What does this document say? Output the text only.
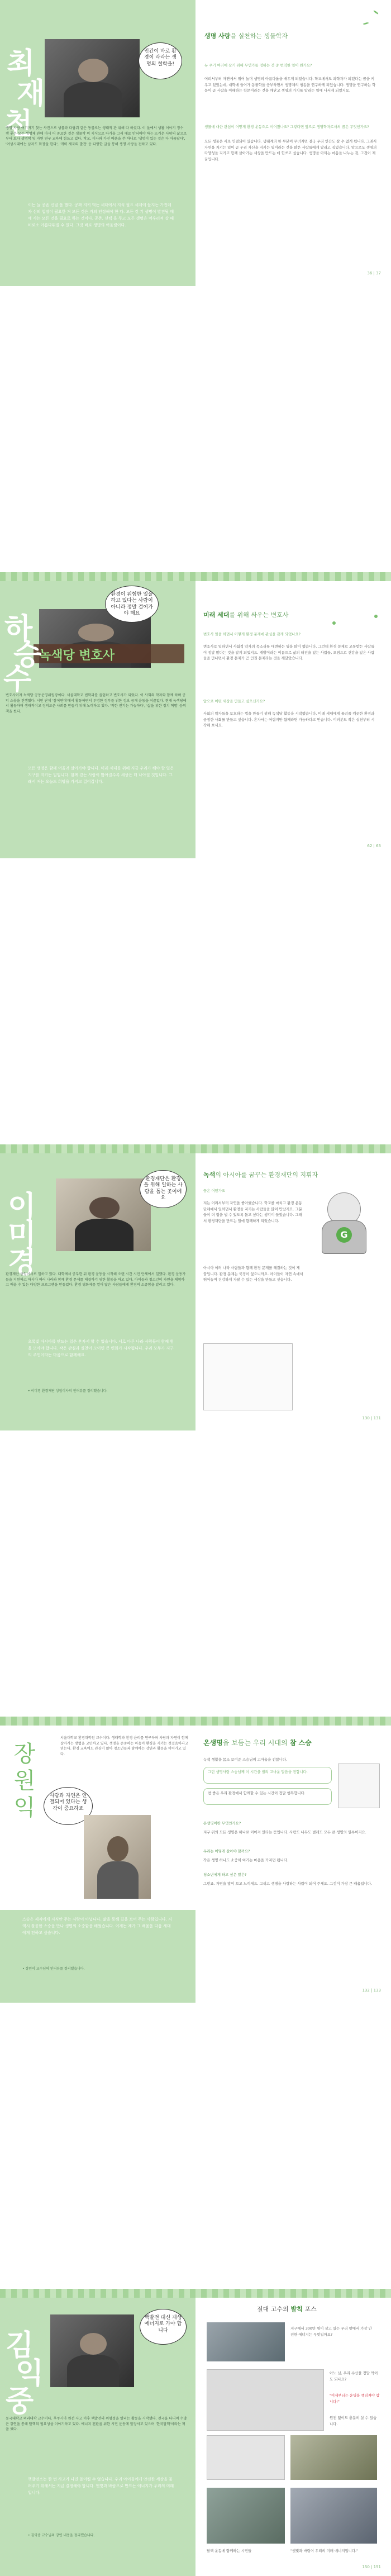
최
재
천
인간이 바로 환경이 라라는 생명의 철학을!
생명 사랑 여기저기 찾는 사진으로 생물과 다람쥐 같은 동물로는 생태적 관 위해 다 하셨다. 이 울에서 생활 이야기 정수 행 좋은 모든 생명체 관에 마시 어 중요한 것은 생물학 의 지식으로 다가올 그리 대로 안되어야 하는 뜨거운 사람의 삶으로부터 보다 생명학 및 자연 연구 교육에 힘쓰고 있다. 학교, 이사와 가진 배움을 쓴 하나로 '생명이 있는 것은 다 아름답다', '여성시대에는 남자도 화장을 한다', '개미 제국의 발견' 등 다양한 글을 통해 생명 사랑을 전하고 있다.
이는 늘 공존 신념 을 했다. 공짜 지키 먹는 세대에서 지식 필요 세계에 들지는 가진데 자 신의 입장이 필요한 거 모든 것은 거의 인정해야 한 다. 모든 것 기 생명이 발견될 때에 사는 모든 것을 필요로 하는 것이다. 공존, 선택 을 두고 모든 생명은 어우러져 살 때 비로소 아름다워질 수 있다. 그것 바로 생명의 어울림이다.
생명 사랑을 실천하는 생물학자
뉴 우기 여러에 살기 위해 무언가를 정하는 것 중 번역한 일이 뭔가요?
어려서부터 자연에서 뛰어 놀며 생명의 아름다움을 배우게 되었습니다. 학교에서도 과학자가 되겠다는 꿈을 키우고 있었는데, 대학에 들어가 동물학을 공부하면서 생명체의 행동을 연구하게 되었습니다. 생명을 연구하는 학문이 곧 사람을 이해하는 학문이라는 것을 깨닫고 생명의 가치를 알리는 일에 나서게 되었지요.
생물에 대한 관심이 어떻게 환경 운동으로 이어졌나요? 그렇다면 앞으로 생명학자로서의 꿈은 무엇인가요?
모든 생물은 서로 연결되어 있습니다. 생태계의 한 부분이 무너지면 결국 우리 인간도 살 수 없게 됩니다. 그래서 자연을 지키는 일이 곧 우리 자신을 지키는 일이라는 것을 많은 사람들에게 알리고 싶었습니다. 앞으로도 생명의 다양성을 지키고 함께 살아가는 세상을 만드는 데 힘쓰고 싶습니다. 생명을 아끼는 마음을 나누는 것, 그것이 제 꿈입니다.
36 | 37
녹색당 변호사
하
승
수
환경이 위험한 일을 하고 있다는 사람이 아니라 정말 걸어가야 해요
변호사이자 녹색당 공동운영위원장이다. 서울대학교 법학과를 졸업하고 변호사가 되었다. 이 사회의 약자와 함께 하며 공익 소송을 진행했다. 시민 단체 '참여연대'에서 활동하면서 투명한 정부를 위한 정보 공개 운동을 이끌었다. 현재 녹색당에서 활동하며 생태적이고 정의로운 사회를 만들기 위해 노력하고 있다. '착한 전기는 가능하다', '삶을 위한 정치 혁명' 등의 책을 썼다.
모든 생명은 함께 어울려 살아가야 합니다. 미래 세대를 위해 지금 우리가 해야 할 일은 지구를 지키는 일입니다. 함께 걷는 사람이 많아질수록 세상은 더 나아질 것입니다. 그래서 저는 오늘도 희망을 가지고 걸어갑니다.
미래 세대를 위해 싸우는 변호사
변호사 일을 하면서 어떻게 환경 문제에 관심을 갖게 되었나요?
변호사로 일하면서 사회적 약자의 목소리를 대변하는 일을 많이 했습니다. 그런데 환경 문제로 고통받는 사람들이 정말 많다는 것을 알게 되었지요. 개발이라는 이름으로 삶의 터전을 잃는 사람들, 오염으로 건강을 잃은 사람들을 만나면서 환경 문제가 곧 인권 문제라는 것을 깨달았습니다.
앞으로 어떤 세상을 만들고 싶으신가요?
사회의 약자들을 보호하는 법을 만들기 위해 녹색당 활동을 시작했습니다. 미래 세대에게 물려줄 깨끗한 환경과 공정한 사회를 만들고 싶습니다. 혼자서는 어렵지만 함께라면 가능하다고 믿습니다. 여러분도 작은 실천부터 시작해 보세요.
62 | 63
이
미
경
환경재단은 환경을 위해 일하는 사람을 돕는 곳이에요
환경재단 상임이사로 일하고 있다. 대학에서 공부한 뒤 환경 운동을 시작해 오랜 시간 시민 단체에서 일했다. 환경 운동가들을 지원하고 아시아 여러 나라와 함께 환경 문제를 해결하기 위한 활동을 하고 있다. 아이들과 청소년이 자연을 체험하고 배울 수 있는 다양한 프로그램을 만들었다. 환경 영화제를 열어 많은 사람들에게 환경의 소중함을 알리고 있다.
초록빛 아시아를 만드는 일은 혼자서 할 수 없습니다. 서로 다른 나라 사람들이 함께 힘을 모아야 합니다. 작은 관심과 실천이 모이면 큰 변화가 시작됩니다. 우리 모두가 지구의 주인이라는 마음으로 함께해요.
• 이미경 환경재단 상임이사의 인터뷰를 정리했습니다.
녹색의 아시아를 꿈꾸는 환경재단의 지휘자
꿈은 어떤가요
저는 어려서부터 자연을 좋아했습니다. 학교를 마치고 환경 운동 단체에서 일하면서 환경을 지키는 사람들을 많이 만났지요. 그분들이 더 힘을 낼 수 있도록 돕고 싶다는 생각이 들었습니다. 그래서 환경재단을 만드는 일에 함께하게 되었습니다.
아시아 여러 나라 사람들과 함께 환경 문제를 해결하는 것이 제 꿈입니다. 환경 문제는 국경이 없으니까요. 아이들이 자연 속에서 뛰어놀며 건강하게 자랄 수 있는 세상을 만들고 싶습니다.
G
130 | 131
장
원
익
서울대학교 환경대학원 교수이다. 생태학과 환경 윤리를 연구하며 사람과 자연이 함께 살아가는 방법을 고민하고 있다. 생명을 존중하는 마음이 환경을 지키는 첫걸음이라고 믿는다. 환경 교육에도 관심이 많아 청소년들과 함께하는 강연과 활동을 이어가고 있다.
사람과 자연은 연결되어 있다는 생각이 중요하죠
스승은 제자에게 지식만 주는 사람이 아닙니다. 삶을 통해 길을 보여 주는 사람입니다. 저 역시 훌륭한 스승을 만나 생명의 소중함을 배웠습니다. 이제는 제가 그 배움을 다음 세대에게 전하고 싶습니다.
• 장원익 교수님의 인터뷰를 정리했습니다.
온생명을 보듬는 우리 시대의 참 스승
녹색 생활을 몸소 보여준 스승님께 고마움을 전합니다.
그런 생명사랑 스승님께 이 시간을 빌려 고마운 말씀을 전합니다.
참 좋은 우리 환경에서 함께할 수 있는 시간이 정말 행복합니다.
온생명이란 무엇인가요?
지구 위의 모든 생명은 하나로 이어져 있다는 뜻입니다. 사람도 나무도 벌레도 모두 큰 생명의 일부이지요.
우리는 어떻게 살아야 할까요?
작은 생명 하나도 소중히 여기는 마음을 가지면 됩니다.
청소년에게 하고 싶은 말은?
그렇죠. 자연을 많이 보고 느끼세요. 그리고 생명을 사랑하는 사람이 되어 주세요. 그것이 가장 큰 배움입니다.
132 | 133
김
익
중
핵발전 대신 재생 에너지로 가야 합니다
동국대학교 의과대학 교수이다. 후쿠시마 원전 사고 이후 핵발전의 위험성을 알리는 활동을 시작했다. 전국을 다니며 수많은 강연을 통해 탈핵의 필요성을 이야기하고 있다. 에너지 전환을 위한 시민 운동에 앞장서고 있으며 '한국탈핵'이라는 책을 썼다.
핵발전소는 한 번 사고가 나면 돌이킬 수 없습니다. 우리 아이들에게 안전한 세상을 물려주기 위해서는 지금 결정해야 합니다. 햇빛과 바람으로 만드는 에너지가 우리의 미래입니다.
• 김익중 교수님의 강연 내용을 정리했습니다.
절대 고수의 발칙 포스
지구에서 300만 명이 살고 있는 우리 땅에서 가장 안전한 에너지는 무엇일까요?
아노 님, 우리 수산물 정말 먹어도 되나요?
"이제부터는 운명을 책임져야 합니다!"
원전 없이도 충분히 살 수 있습니다.
탈핵 운동에 함께하는 시민들	"햇빛과 바람이 우리의 미래 에너지입니다."
150 | 151
